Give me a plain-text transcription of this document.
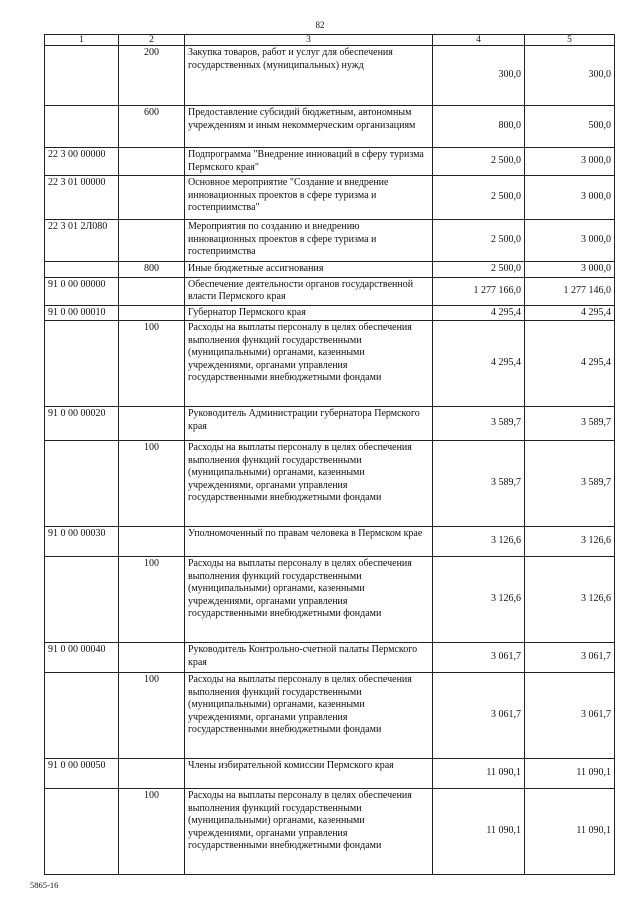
82
1	2	3	4	5
	200	Закупка товаров, работ и услуг для обеспечения государственных (муниципальных) нужд	300,0	300,0
	600	Предоставление субсидий бюджетным, автономным учреждениям и иным некоммерческим организациям	800,0	500,0
22 3 00 00000		Подпрограмма "Внедрение инноваций в сферу туризма Пермского края"	2 500,0	3 000,0
22 3 01 00000		Основное мероприятие "Создание и внедрение инновационных проектов в сфере туризма и гостеприимства"	2 500,0	3 000,0
22 3 01 2Л080		Мероприятия по созданию и внедрению инновационных проектов в сфере туризма и гостеприимства	2 500,0	3 000,0
	800	Иные бюджетные ассигнования	2 500,0	3 000,0
91 0 00 00000		Обеспечение деятельности органов государственной власти Пермского края	1 277 166,0	1 277 146,0
91 0 00 00010		Губернатор Пермского края	4 295,4	4 295,4
	100	Расходы на выплаты персоналу в целях обеспечения выполнения функций государственными (муниципальными) органами, казенными учреждениями, органами управления государственными внебюджетными фондами	4 295,4	4 295,4
91 0 00 00020		Руководитель Администрации губернатора Пермского края	3 589,7	3 589,7
	100	Расходы на выплаты персоналу в целях обеспечения выполнения функций государственными (муниципальными) органами, казенными учреждениями, органами управления государственными внебюджетными фондами	3 589,7	3 589,7
91 0 00 00030		Уполномоченный по правам человека в Пермском крае	3 126,6	3 126,6
	100	Расходы на выплаты персоналу в целях обеспечения выполнения функций государственными (муниципальными) органами, казенными учреждениями, органами управления государственными внебюджетными фондами	3 126,6	3 126,6
91 0 00 00040		Руководитель Контрольно-счетной палаты Пермского края	3 061,7	3 061,7
	100	Расходы на выплаты персоналу в целях обеспечения выполнения функций государственными (муниципальными) органами, казенными учреждениями, органами управления государственными внебюджетными фондами	3 061,7	3 061,7
91 0 00 00050		Члены избирательной комиссии Пермского края	11 090,1	11 090,1
	100	Расходы на выплаты персоналу в целях обеспечения выполнения функций государственными (муниципальными) органами, казенными учреждениями, органами управления государственными внебюджетными фондами	11 090,1	11 090,1
5865-16
